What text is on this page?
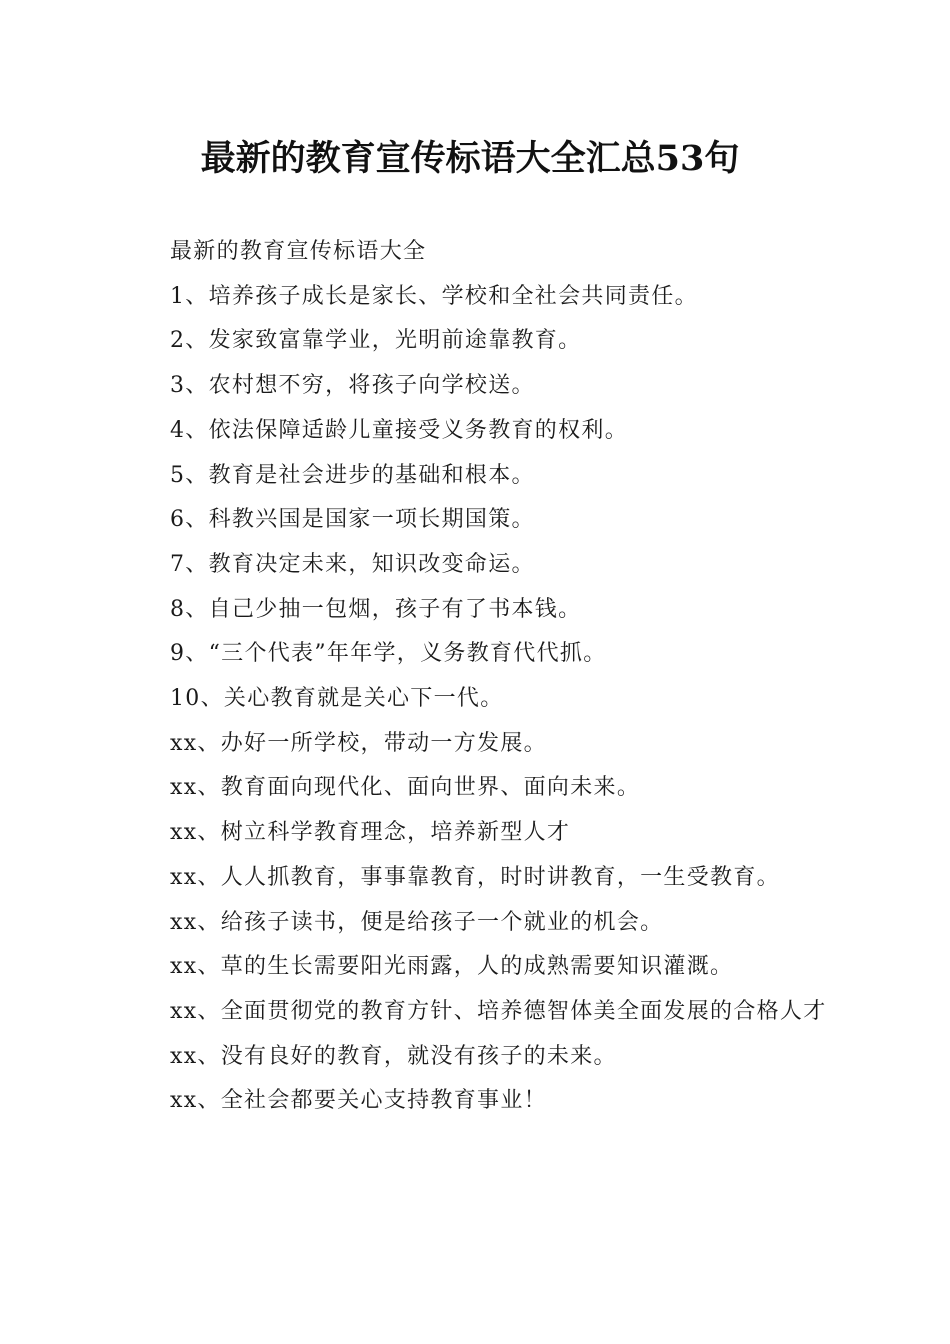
最新的教育宣传标语大全汇总53句

最新的教育宣传标语大全

1、培养孩子成长是家长、学校和全社会共同责任。

2、发家致富靠学业，光明前途靠教育。

3、农村想不穷，将孩子向学校送。

4、依法保障适龄儿童接受义务教育的权利。

5、教育是社会进步的基础和根本。

6、科教兴国是国家一项长期国策。

7、教育决定未来，知识改变命运。

8、自己少抽一包烟，孩子有了书本钱。

9、“三个代表”年年学，义务教育代代抓。

10、关心教育就是关心下一代。

xx、办好一所学校，带动一方发展。

xx、教育面向现代化、面向世界、面向未来。

xx、树立科学教育理念，培养新型人才

xx、人人抓教育，事事靠教育，时时讲教育，一生受教育。

xx、给孩子读书，便是给孩子一个就业的机会。

xx、草的生长需要阳光雨露，人的成熟需要知识灌溉。

xx、全面贯彻党的教育方针、培养德智体美全面发展的合格人才

xx、没有良好的教育，就没有孩子的未来。

xx、全社会都要关心支持教育事业！
